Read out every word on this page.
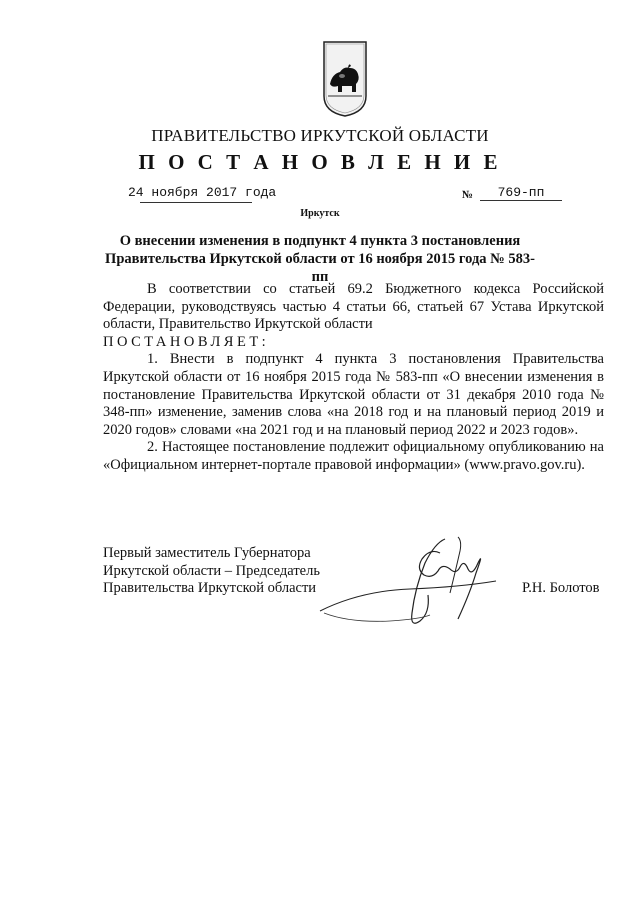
ПРАВИТЕЛЬСТВО ИРКУТСКОЙ ОБЛАСТИ
П О С Т А Н О В Л Е Н И Е
24 ноября 2017 года	№	769-пп
Иркутск
О внесении изменения в подпункт 4 пункта 3 постановления
Правительства Иркутской области от 16 ноября 2015 года № 583-пп

В соответствии со статьей 69.2 Бюджетного кодекса Российской Федерации, руководствуясь частью 4 статьи 66, статьей 67 Устава Иркутской области, Правительство Иркутской области

ПОСТАНОВЛЯЕТ:

1. Внести в подпункт 4 пункта 3 постановления Правительства Иркутской области от 16 ноября 2015 года № 583-пп «О внесении изменения в постановление Правительства Иркутской области от 31 декабря 2010 года № 348-пп» изменение, заменив слова «на 2018 год и на плановый период 2019 и 2020 годов» словами «на 2021 год и на плановый период 2022 и 2023 годов».

2. Настоящее постановление подлежит официальному опубликованию на «Официальном интернет-портале правовой информации» (www.pravo.gov.ru).

Первый заместитель Губернатора
Иркутской области – Председатель
Правительства Иркутской области	Р.Н. Болотов
